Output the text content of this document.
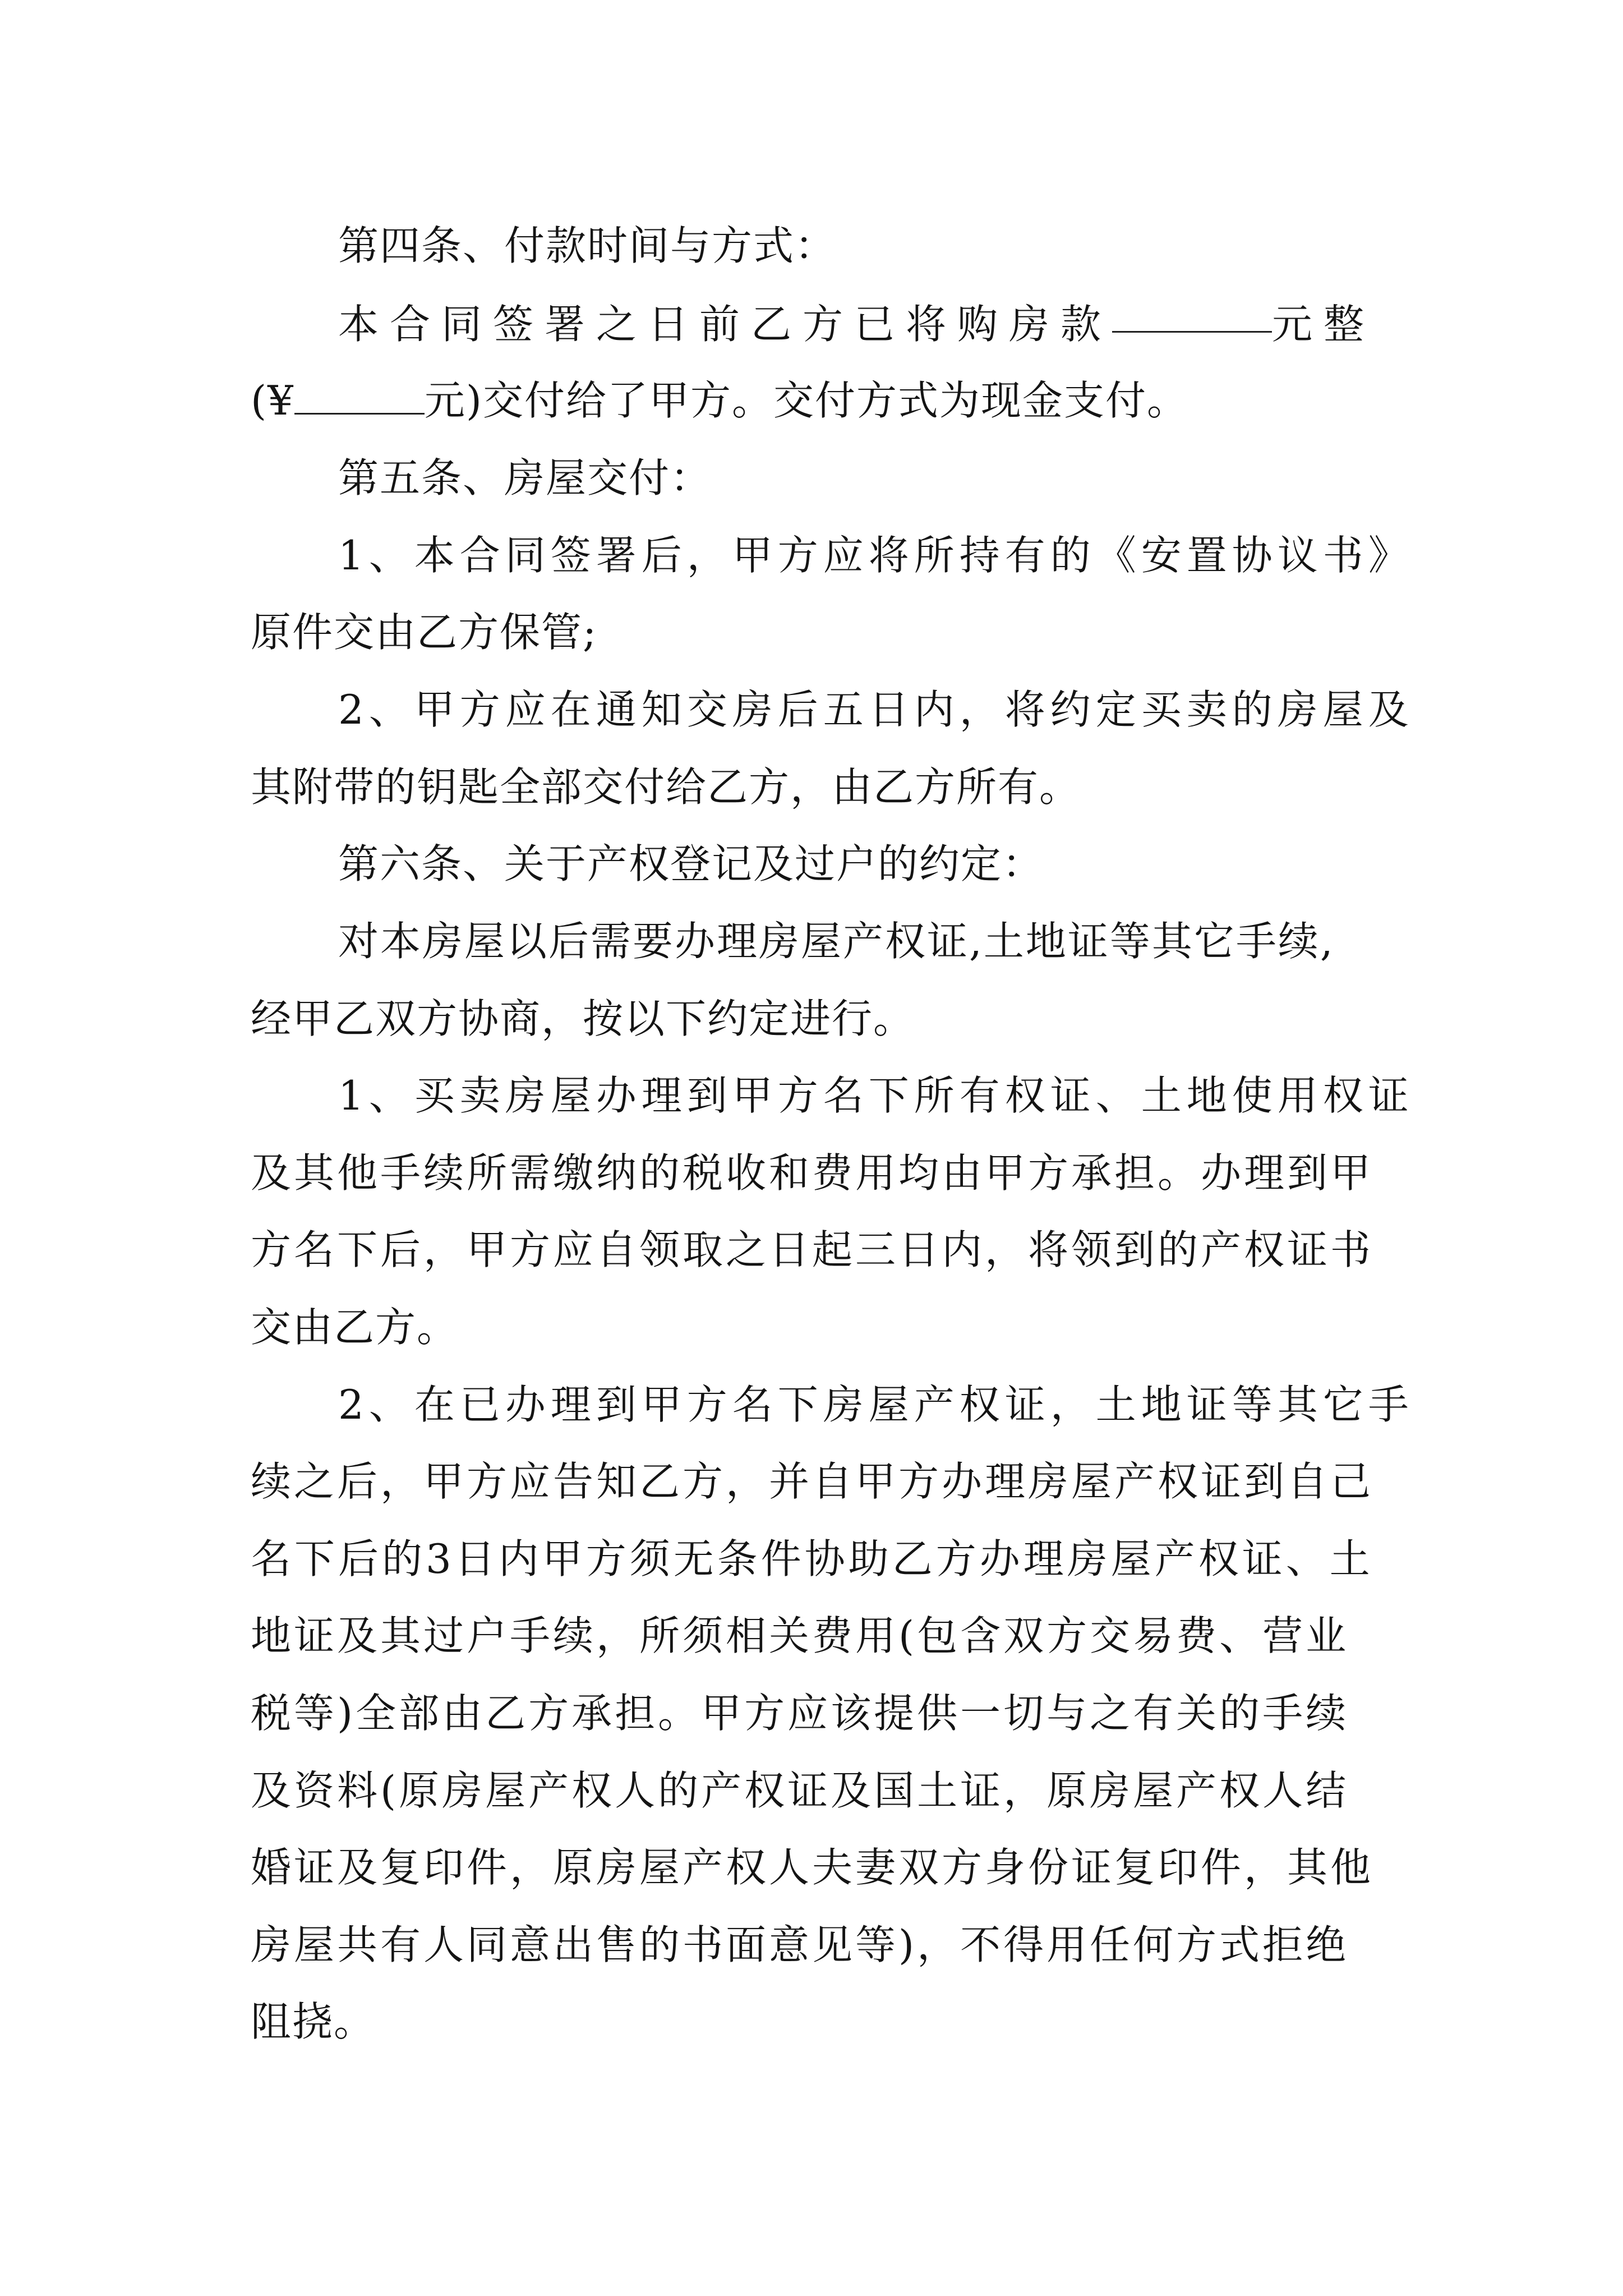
第四条、付款时间与方式：
本合同签署之日前乙方已将购房款	元整
(¥	元)交付给了甲方。交付方式为现金支付。
第五条、房屋交付：
1、本合同签署后，甲方应将所持有的《安置协议书》
原件交由乙方保管;
2、甲方应在通知交房后五日内，将约定买卖的房屋及
其附带的钥匙全部交付给乙方，由乙方所有。
第六条、关于产权登记及过户的约定：
对本房屋以后需要办理房屋产权证,土地证等其它手续,
经甲乙双方协商，按以下约定进行。
1、买卖房屋办理到甲方名下所有权证、土地使用权证
及其他手续所需缴纳的税收和费用均由甲方承担。办理到甲
方名下后，甲方应自领取之日起三日内，将领到的产权证书
交由乙方。
2、在已办理到甲方名下房屋产权证，土地证等其它手
续之后，甲方应告知乙方，并自甲方办理房屋产权证到自己
名下后的3日内甲方须无条件协助乙方办理房屋产权证、土
地证及其过户手续，所须相关费用(包含双方交易费、营业
税等)全部由乙方承担。甲方应该提供一切与之有关的手续
及资料(原房屋产权人的产权证及国土证，原房屋产权人结
婚证及复印件，原房屋产权人夫妻双方身份证复印件，其他
房屋共有人同意出售的书面意见等)，不得用任何方式拒绝
阻挠。
